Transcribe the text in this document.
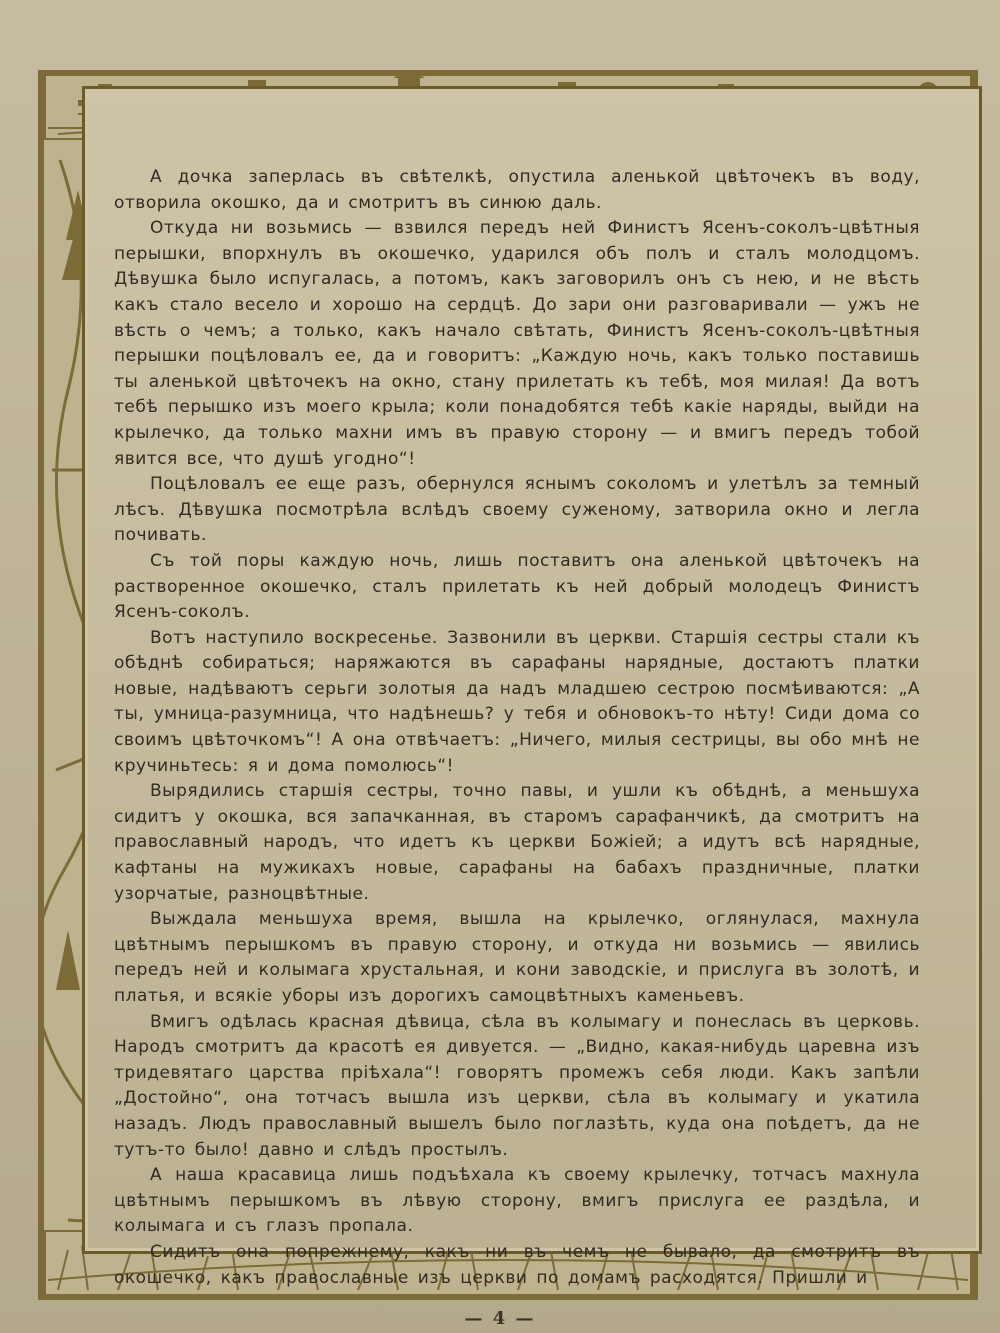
А дочка заперлась въ свѣтелкѣ, опустила аленькой цвѣточекъ въ воду, отворила окошко, да и смотритъ въ синюю даль.

Откуда ни возьмись — взвился передъ ней Финистъ Ясенъ-соколъ-цвѣтныя перышки, впорхнулъ въ окошечко, ударился объ полъ и сталъ молодцомъ. Дѣвушка было испугалась, а потомъ, какъ заговорилъ онъ съ нею, и не вѣсть какъ стало весело и хорошо на сердцѣ. До зари они разговаривали — ужъ не вѣсть о чемъ; а только, какъ начало свѣтать, Финистъ Ясенъ-соколъ-цвѣтныя перышки поцѣловалъ ее, да и говоритъ: „Каждую ночь, какъ только поставишь ты аленькой цвѣточекъ на окно, стану прилетать къ тебѣ, моя милая! Да вотъ тебѣ перышко изъ моего крыла; коли понадобятся тебѣ какіе наряды, выйди на крылечко, да только махни имъ въ правую сторону — и вмигъ передъ тобой явится все, что душѣ угодно“!

Поцѣловалъ ее еще разъ, обернулся яснымъ соколомъ и улетѣлъ за темный лѣсъ. Дѣвушка посмотрѣла вслѣдъ своему суженому, затворила окно и легла почивать.

Съ той поры каждую ночь, лишь поставитъ она аленькой цвѣточекъ на растворенное окошечко, сталъ прилетать къ ней добрый молодецъ Финистъ Ясенъ-соколъ.

Вотъ наступило воскресенье. Зазвонили въ церкви. Старшія сестры стали къ обѣднѣ собираться; наряжаются въ сарафаны нарядные, достаютъ платки новые, надѣваютъ серьги золотыя да надъ младшею сестрою посмѣиваются: „А ты, умница-разумница, что надѣнешь? у тебя и обновокъ-то нѣту! Сиди дома со своимъ цвѣточкомъ“! А она отвѣчаетъ: „Ничего, милыя сестрицы, вы обо мнѣ не кручиньтесь: я и дома помолюсь“!

Вырядились старшія сестры, точно павы, и ушли къ обѣднѣ, а меньшуха сидитъ у окошка, вся запачканная, въ старомъ сарафанчикѣ, да смотритъ на православный народъ, что идетъ къ церкви Божіей; а идутъ всѣ нарядные, кафтаны на мужикахъ новые, сарафаны на бабахъ праздничные, платки узорчатые, разноцвѣтные.

Выждала меньшуха время, вышла на крылечко, оглянулася, махнула цвѣтнымъ перышкомъ въ правую сторону, и откуда ни возьмись — явились передъ ней и колымага хрустальная, и кони заводскіе, и прислуга въ золотѣ, и платья, и всякіе уборы изъ дорогихъ самоцвѣтныхъ каменьевъ.

Вмигъ одѣлась красная дѣвица, сѣла въ колымагу и понеслась въ церковь. Народъ смотритъ да красотѣ ея дивуется. — „Видно, какая-нибудь царевна изъ тридевятаго царства пріѣхала“! говорятъ промежъ себя люди. Какъ запѣли „Достойно“, она тотчасъ вышла изъ церкви, сѣла въ колымагу и укатила назадъ. Людъ православный вышелъ было поглазѣть, куда она поѣдетъ, да не тутъ-то было! давно и слѣдъ простылъ.

А наша красавица лишь подъѣхала къ своему крылечку, тотчасъ махнула цвѣтнымъ перышкомъ въ лѣвую сторону, вмигъ прислуга ее раздѣла, и колымага и съ глазъ пропала.

Сидитъ она попрежнему, какъ ни въ чемъ не бывало, да смотритъ въ окошечко, какъ православные изъ церкви по домамъ расходятся. Пришли и

— 4 —
